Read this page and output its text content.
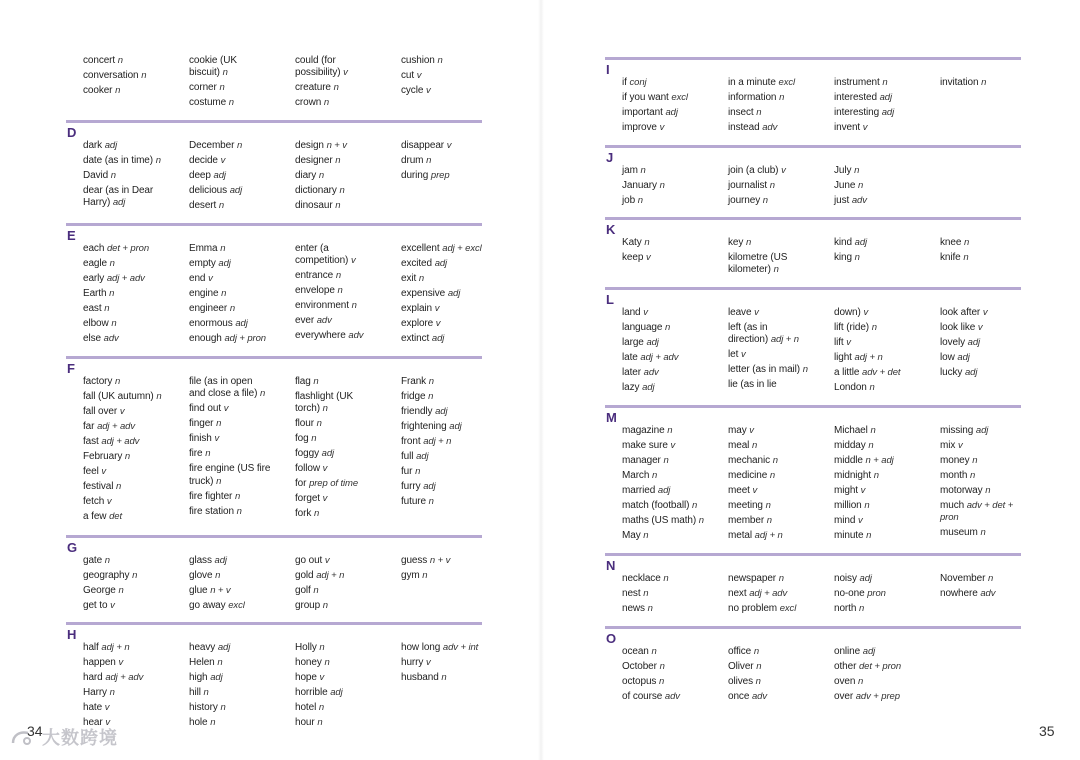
concert n
conversation n
cooker n
cookie (UK
biscuit) n
corner n
costume n
could (for
possibility) v
creature n
crown n
cushion n
cut v
cycle v
D
dark adj
date (as in time) n
David n
dear (as in Dear
Harry) adj
December n
decide v
deep adj
delicious adj
desert n
design n + v
designer n
diary n
dictionary n
dinosaur n
disappear v
drum n
during prep
E
each det + pron
eagle n
early adj + adv
Earth n
east n
elbow n
else adv
Emma n
empty adj
end v
engine n
engineer n
enormous adj
enough adj + pron
enter (a
competition) v
entrance n
envelope n
environment n
ever adv
everywhere adv
excellent adj + excl
excited adj
exit n
expensive adj
explain v
explore v
extinct adj
F
factory n
fall (UK autumn) n
fall over v
far adj + adv
fast adj + adv
February n
feel v
festival n
fetch v
a few det
file (as in open
and close a file) n
find out v
finger n
finish v
fire n
fire engine (US fire
truck) n
fire fighter n
fire station n
flag n
flashlight (UK
torch) n
flour n
fog n
foggy adj
follow v
for prep of time
forget v
fork n
Frank n
fridge n
friendly adj
frightening adj
front adj + n
full adj
fur n
furry adj
future n
G
gate n
geography n
George n
get to v
glass adj
glove n
glue n + v
go away excl
go out v
gold adj + n
golf n
group n
guess n + v
gym n
H
half adj + n
happen v
hard adj + adv
Harry n
hate v
hear v
heavy adj
Helen n
high adj
hill n
history n
hole n
Holly n
honey n
hope v
horrible adj
hotel n
hour n
how long adv + int
hurry v
husband n
I
if conj
if you want excl
important adj
improve v
in a minute excl
information n
insect n
instead adv
instrument n
interested adj
interesting adj
invent v
invitation n
J
jam n
January n
job n
join (a club) v
journalist n
journey n
July n
June n
just adv
K
Katy n
keep v
key n
kilometre (US
kilometer) n
kind adj
king n
knee n
knife n
L
land v
language n
large adj
late adj + adv
later adv
lazy adj
leave v
left (as in
direction) adj + n
let v
letter (as in mail) n
lie (as in lie
down) v
lift (ride) n
lift v
light adj + n
a little adv + det
London n
look after v
look like v
lovely adj
low adj
lucky adj
M
magazine n
make sure v
manager n
March n
married adj
match (football) n
maths (US math) n
May n
may v
meal n
mechanic n
medicine n
meet v
meeting n
member n
metal adj + n
Michael n
midday n
middle n + adj
midnight n
might v
million n
mind v
minute n
missing adj
mix v
money n
month n
motorway n
much adv + det +
pron
museum n
N
necklace n
nest n
news n
newspaper n
next adj + adv
no problem excl
noisy adj
no-one pron
north n
November n
nowhere adv
O
ocean n
October n
octopus n
of course adv
office n
Oliver n
olives n
once adv
online adj
other det + pron
oven n
over adv + prep
34	35
大数跨境
